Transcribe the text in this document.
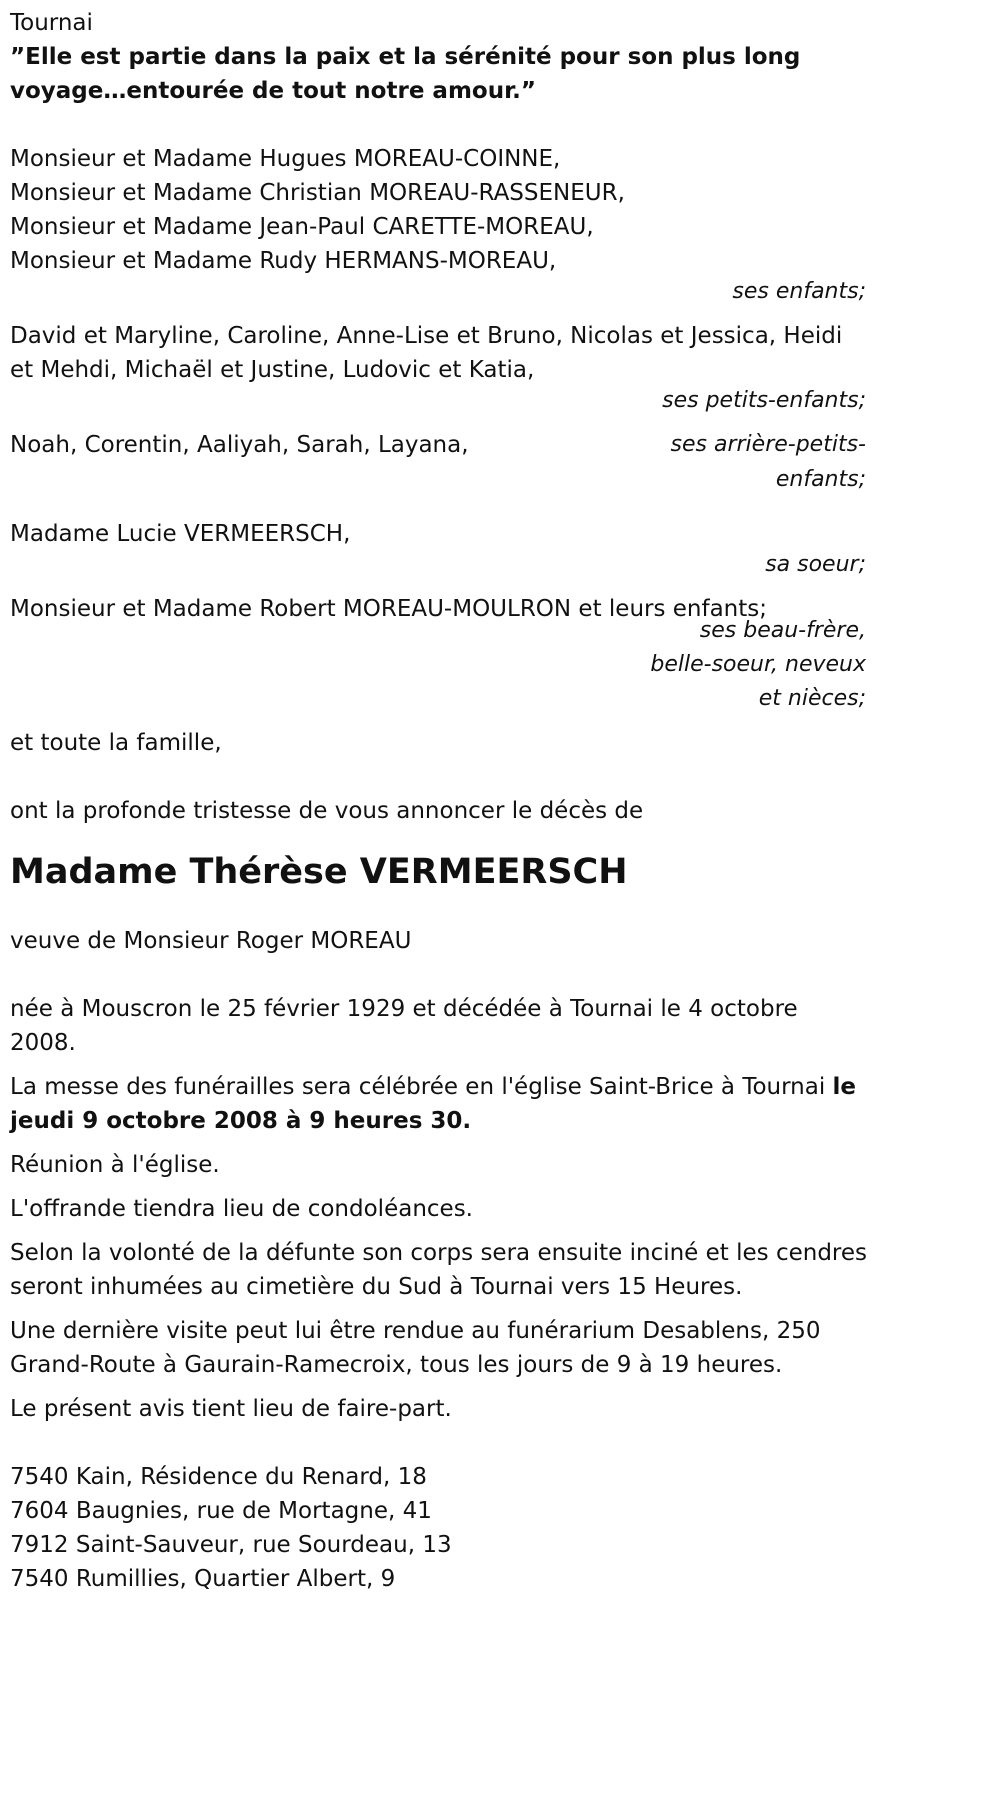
Tournai

”Elle est partie dans la paix et la sérénité pour son plus long voyage…entourée de tout notre amour.”

Monsieur et Madame Hugues MOREAU-COINNE,

Monsieur et Madame Christian MOREAU-RASSENEUR,

Monsieur et Madame Jean-Paul CARETTE-MOREAU,

Monsieur et Madame Rudy HERMANS-MOREAU,

ses enfants;

David et Maryline, Caroline, Anne-Lise et Bruno, Nicolas et Jessica, Heidi et Mehdi, Michaël et Justine, Ludovic et Katia,

ses petits-enfants;

Noah, Corentin, Aaliyah, Sarah, Layana,	ses arrière-petits-enfants;

Madame Lucie VERMEERSCH,

sa soeur;

Monsieur et Madame Robert MOREAU-MOULRON et leurs enfants;

ses beau-frère,
belle-soeur, neveux
et nièces;

et toute la famille,

ont la profonde tristesse de vous annoncer le décès de

Madame Thérèse VERMEERSCH

veuve de Monsieur Roger MOREAU

née à Mouscron le 25 février 1929 et décédée à Tournai le 4 octobre 2008.

La messe des funérailles sera célébrée en l'église Saint-Brice à Tournai le jeudi 9 octobre 2008 à 9 heures 30.

Réunion à l'église.

L'offrande tiendra lieu de condoléances.

Selon la volonté de la défunte son corps sera ensuite inciné et les cendres seront inhumées au cimetière du Sud à Tournai vers 15 Heures.

Une dernière visite peut lui être rendue au funérarium Desablens, 250 Grand-Route à Gaurain-Ramecroix, tous les jours de 9 à 19 heures.

Le présent avis tient lieu de faire-part.

7540 Kain, Résidence du Renard, 18

7604 Baugnies, rue de Mortagne, 41

7912 Saint-Sauveur, rue Sourdeau, 13

7540 Rumillies, Quartier Albert, 9
